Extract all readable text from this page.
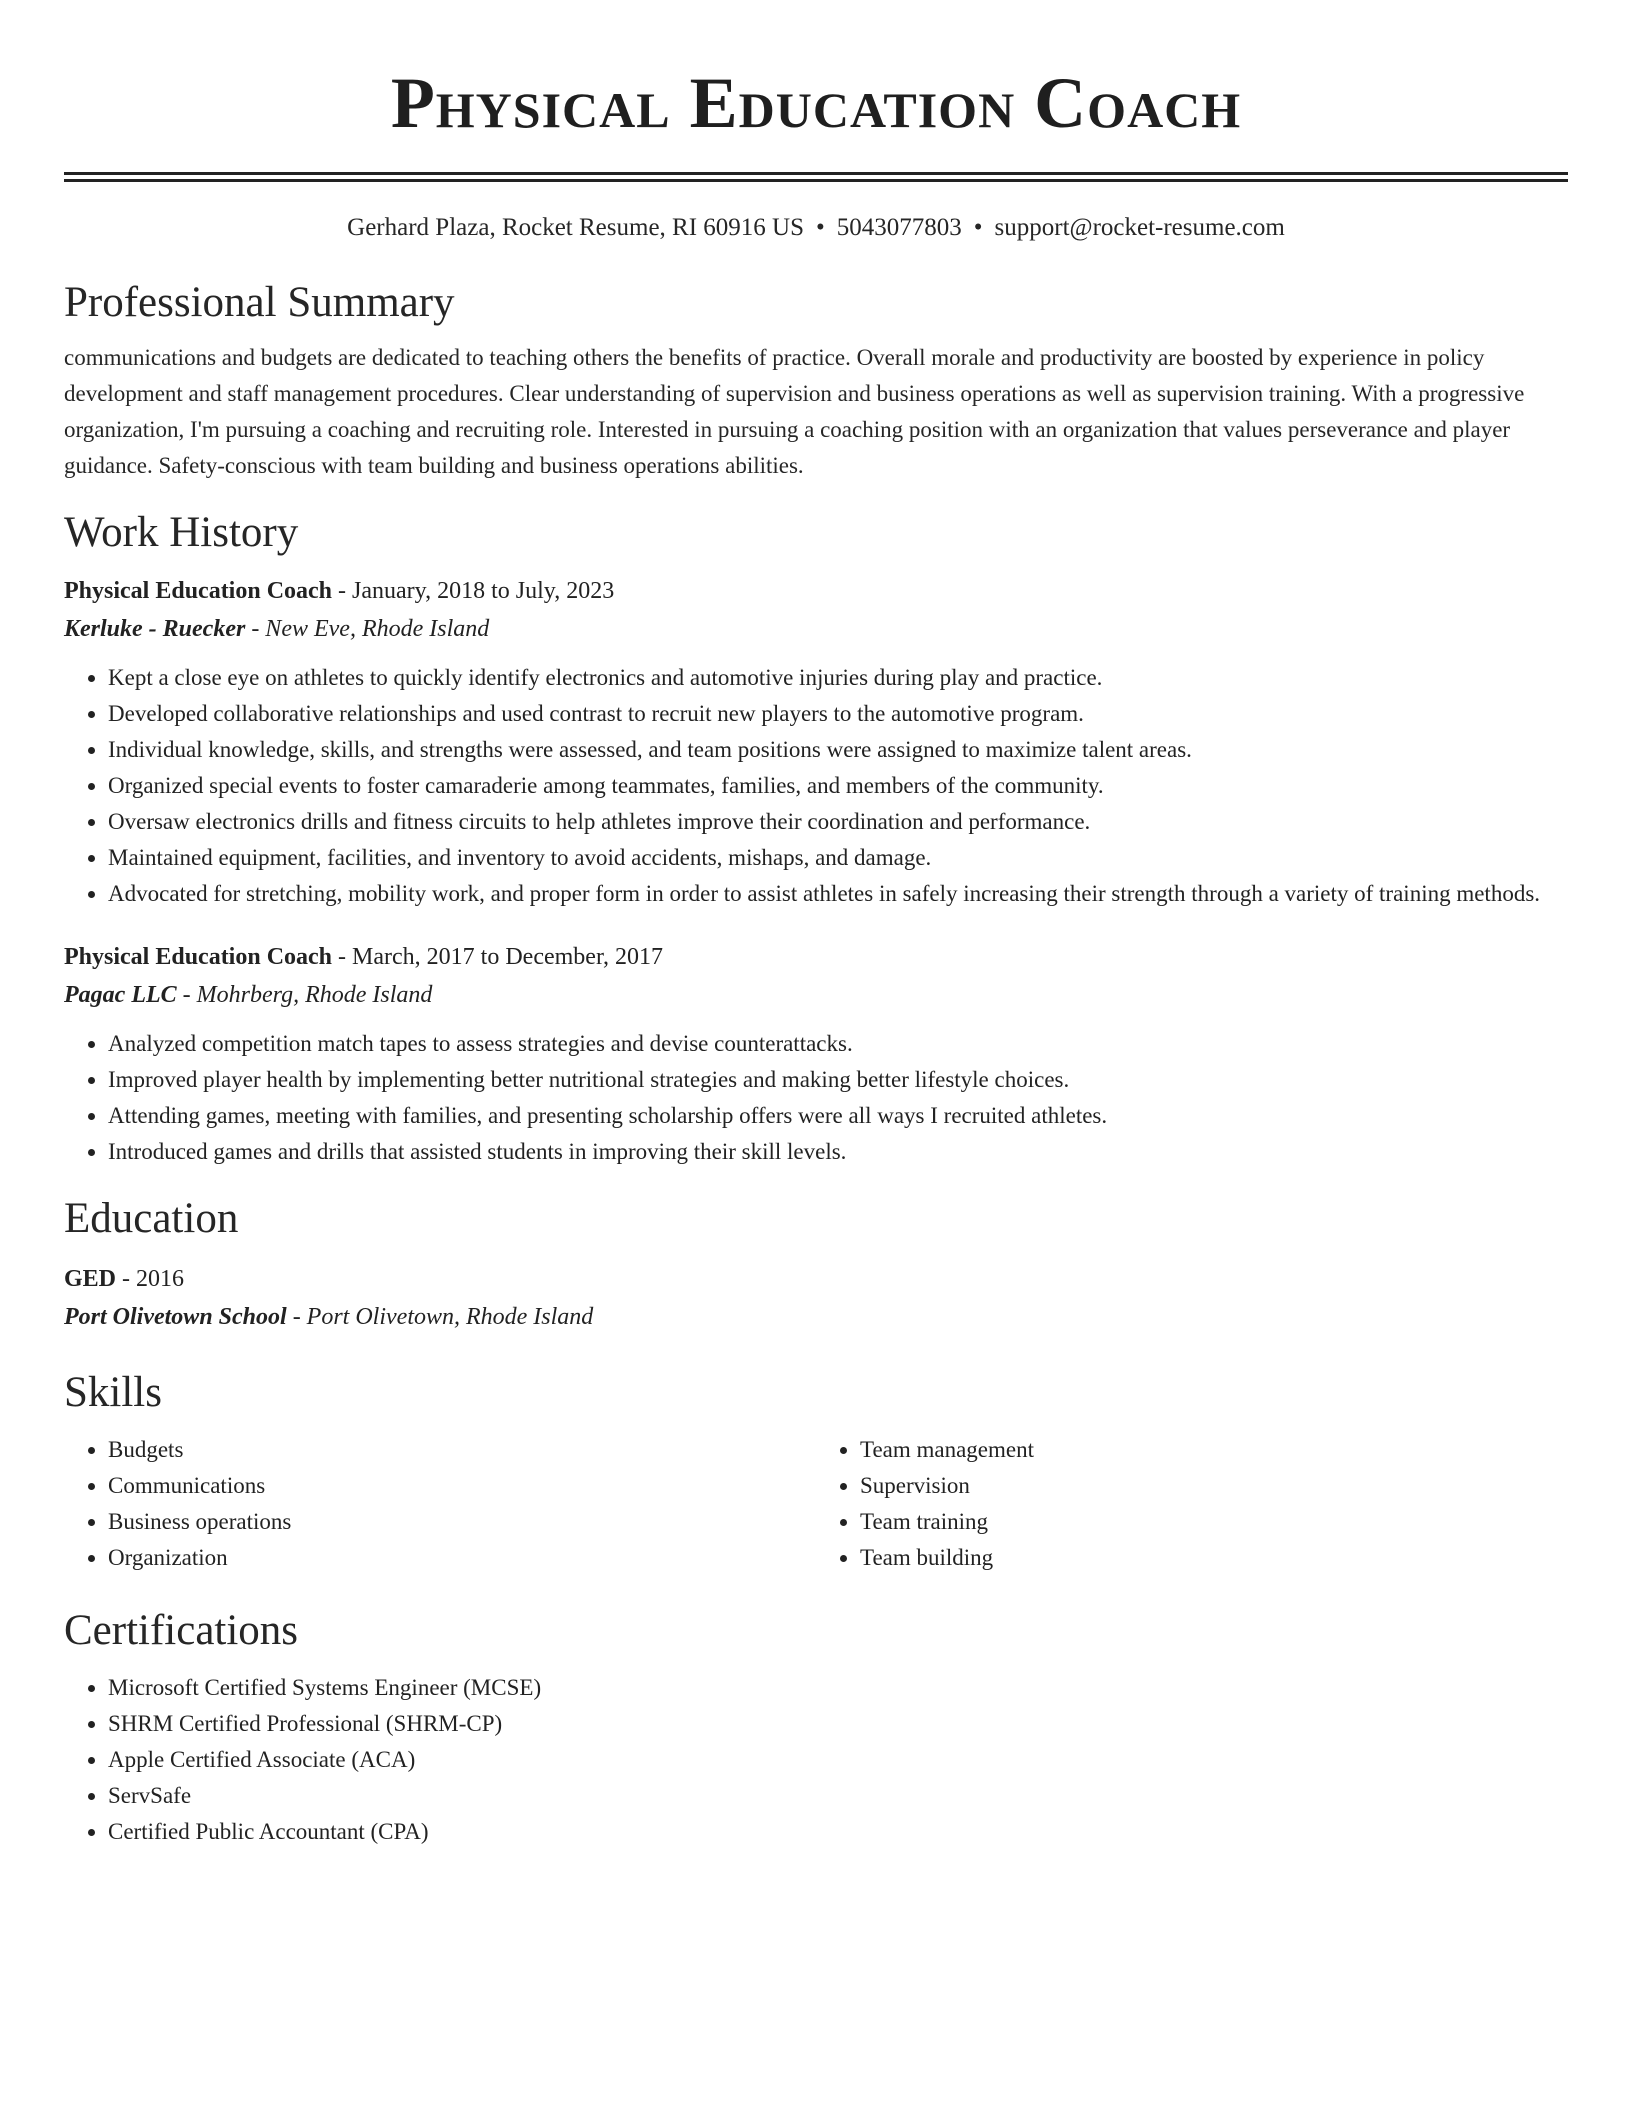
Physical Education Coach
Gerhard Plaza, Rocket Resume, RI 60916 US • 5043077803 • support@rocket-resume.com
Professional Summary

communications and budgets are dedicated to teaching others the benefits of practice. Overall morale and productivity are boosted by experience in policy development and staff management procedures. Clear understanding of supervision and business operations as well as supervision training. With a progressive organization, I'm pursuing a coaching and recruiting role. Interested in pursuing a coaching position with an organization that values perseverance and player guidance. Safety-conscious with team building and business operations abilities.

Work History
Physical Education Coach - January, 2018 to July, 2023
Kerluke - Ruecker - New Eve, Rhode Island
• Kept a close eye on athletes to quickly identify electronics and automotive injuries during play and practice.
• Developed collaborative relationships and used contrast to recruit new players to the automotive program.
• Individual knowledge, skills, and strengths were assessed, and team positions were assigned to maximize talent areas.
• Organized special events to foster camaraderie among teammates, families, and members of the community.
• Oversaw electronics drills and fitness circuits to help athletes improve their coordination and performance.
• Maintained equipment, facilities, and inventory to avoid accidents, mishaps, and damage.
• Advocated for stretching, mobility work, and proper form in order to assist athletes in safely increasing their strength through a variety of training methods.
Physical Education Coach - March, 2017 to December, 2017
Pagac LLC - Mohrberg, Rhode Island
• Analyzed competition match tapes to assess strategies and devise counterattacks.
• Improved player health by implementing better nutritional strategies and making better lifestyle choices.
• Attending games, meeting with families, and presenting scholarship offers were all ways I recruited athletes.
• Introduced games and drills that assisted students in improving their skill levels.
Education
GED - 2016
Port Olivetown School - Port Olivetown, Rhode Island
Skills
• Budgets
• Communications
• Business operations
• Organization
• Team management
• Supervision
• Team training
• Team building
Certifications
• Microsoft Certified Systems Engineer (MCSE)
• SHRM Certified Professional (SHRM-CP)
• Apple Certified Associate (ACA)
• ServSafe
• Certified Public Accountant (CPA)
